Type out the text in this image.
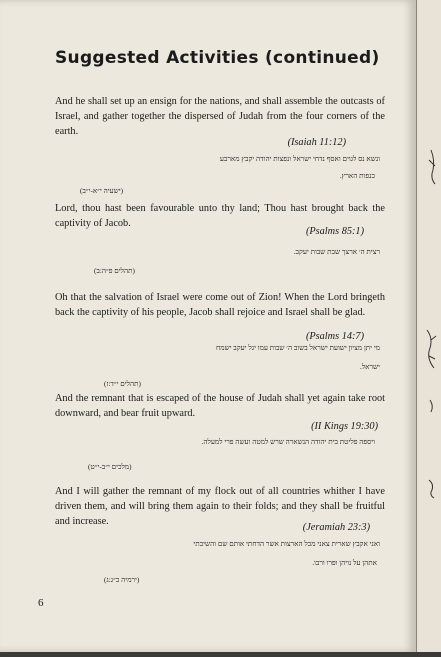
Suggested Activities (continued)
And he shall set up an ensign for the nations, and shall assemble the outcasts of Israel, and gather together the dispersed of Judah from the four corners of the earth.
(Isaiah 11:12)
ונשא נס לגוים ואסף נדחי ישראל ונפצות יהודה יקבץ מארבע
כנפות הארץ.
(ישעיה י״א-י״ב)
Lord, thou hast been favourable unto thy land; Thou hast brought back the captivity of Jacob.
(Psalms 85:1)
רצית ה׳ ארצך שבת שבות יעקב.
(תהלים פ״ה:ב)
Oh that the salvation of Israel were come out of Zion! When the Lord bringeth back the captivity of his people, Jacob shall rejoice and Israel shall be glad.
(Psalms 14:7)
מי יתן מציון ישועת ישראל בשוב ה׳ שבות עמו יגל יעקב ישמח
ישראל.
(תהלים י״ד:ז)
And the remnant that is escaped of the house of Judah shall yet again take root downward, and bear fruit upward.
(II Kings 19:30)
ויספה פליטת בית יהודה הנשארה שרש למטה ועשה פרי למעלה.
(מלכים י״ב-י״ט)
And I will gather the remnant of my flock out of all countries whither I have driven them, and will bring them again to their folds; and they shall be fruitful and increase.
(Jeramiah 23:3)
ואני אקבץ שארית צאני מכל הארצות אשר הדחתי אותם שם והשיבתי
אתהן על נויהן ופרו ורבו.
(ירמיה כ״ג:ג)
6
